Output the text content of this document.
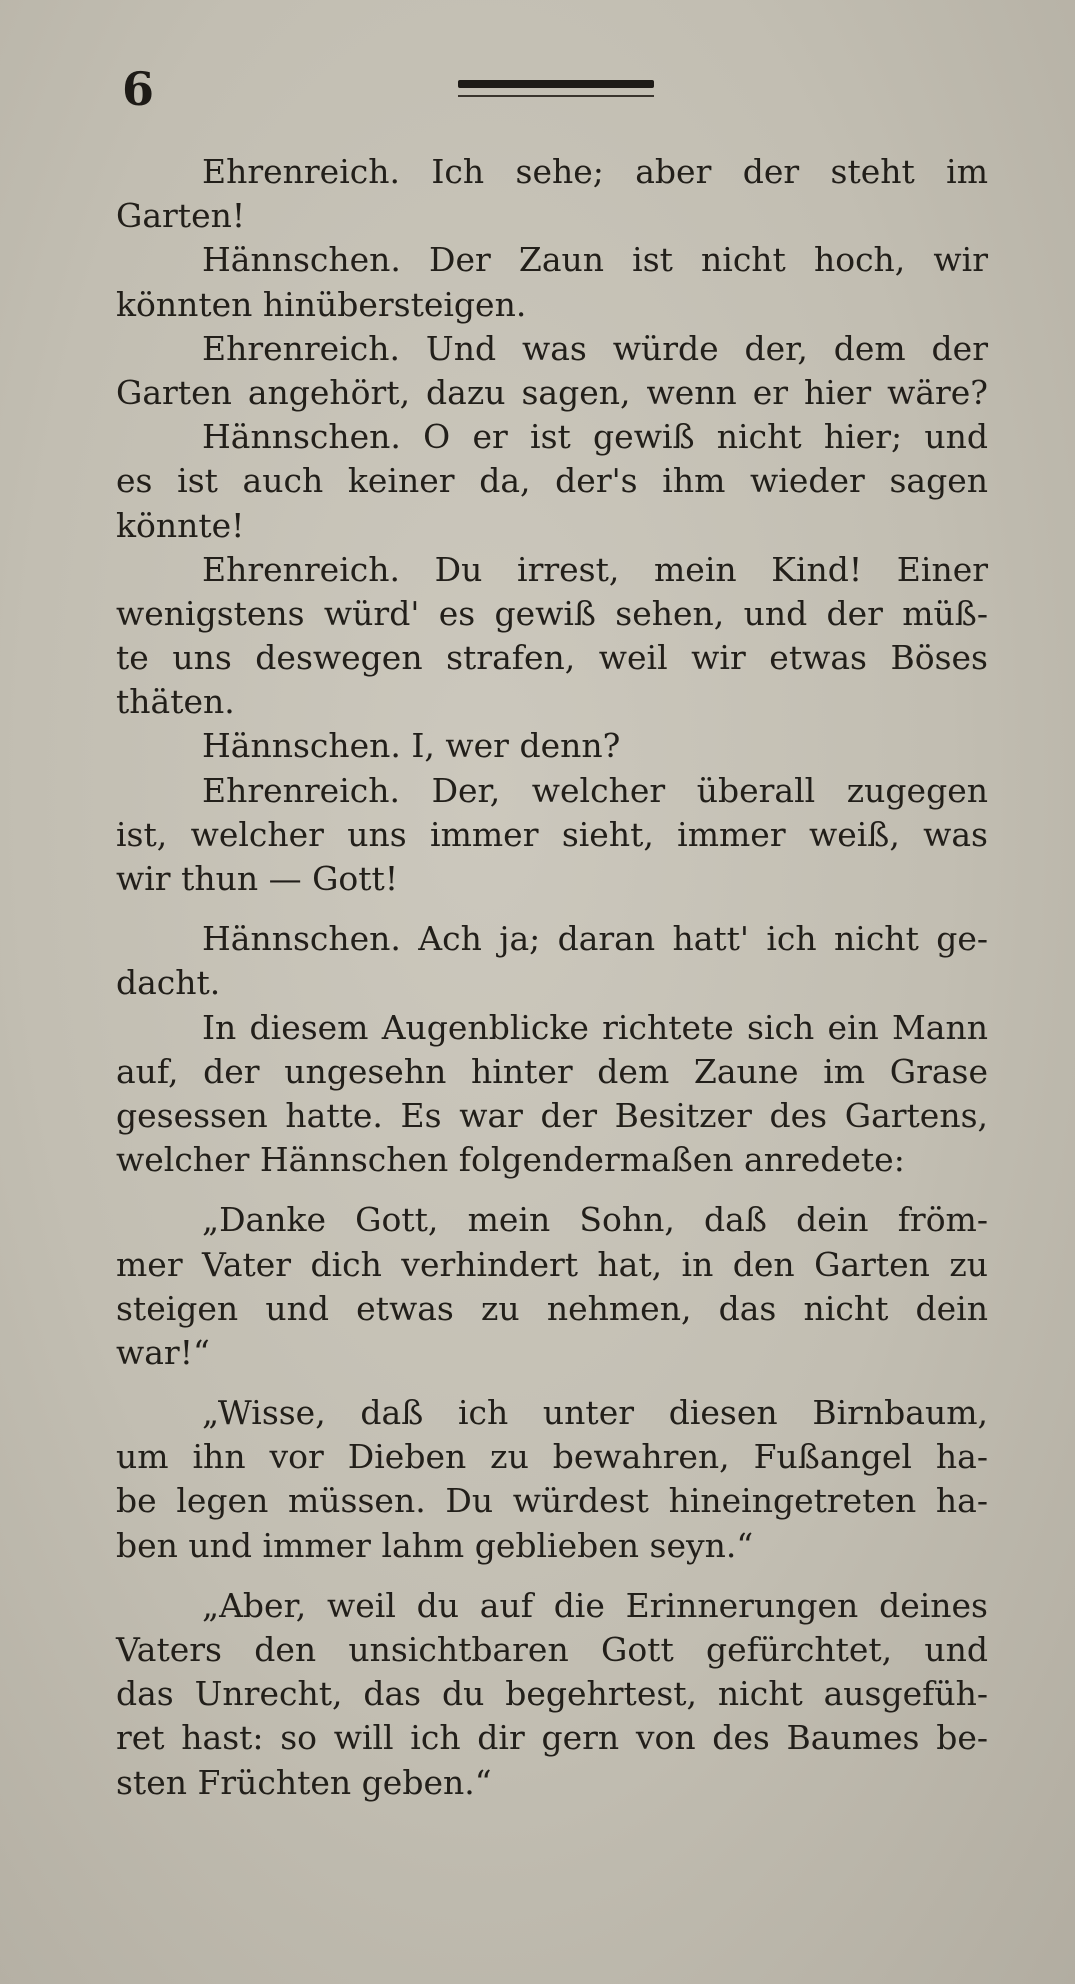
6
Ehrenreich. Ich sehe; aber der steht im
Garten!
Hännschen. Der Zaun ist nicht hoch, wir
könnten hinübersteigen.
Ehrenreich. Und was würde der, dem der
Garten angehört, dazu sagen, wenn er hier wäre?
Hännschen. O er ist gewiß nicht hier; und
es ist auch keiner da, der's ihm wieder sagen
könnte!
Ehrenreich. Du irrest, mein Kind! Einer
wenigstens würd' es gewiß sehen, und der müß-
te uns deswegen strafen, weil wir etwas Böses
thäten.
Hännschen. I, wer denn?
Ehrenreich. Der, welcher überall zugegen
ist, welcher uns immer sieht, immer weiß, was
wir thun — Gott!
Hännschen. Ach ja; daran hatt' ich nicht ge-
dacht.
In diesem Augenblicke richtete sich ein Mann
auf, der ungesehn hinter dem Zaune im Grase
gesessen hatte. Es war der Besitzer des Gartens,
welcher Hännschen folgendermaßen anredete:
„Danke Gott, mein Sohn, daß dein fröm-
mer Vater dich verhindert hat, in den Garten zu
steigen und etwas zu nehmen, das nicht dein
war!“
„Wisse, daß ich unter diesen Birnbaum,
um ihn vor Dieben zu bewahren, Fußangel ha-
be legen müssen. Du würdest hineingetreten ha-
ben und immer lahm geblieben seyn.“
„Aber, weil du auf die Erinnerungen deines
Vaters den unsichtbaren Gott gefürchtet, und
das Unrecht, das du begehrtest, nicht ausgefüh-
ret hast: so will ich dir gern von des Baumes be-
sten Früchten geben.“
